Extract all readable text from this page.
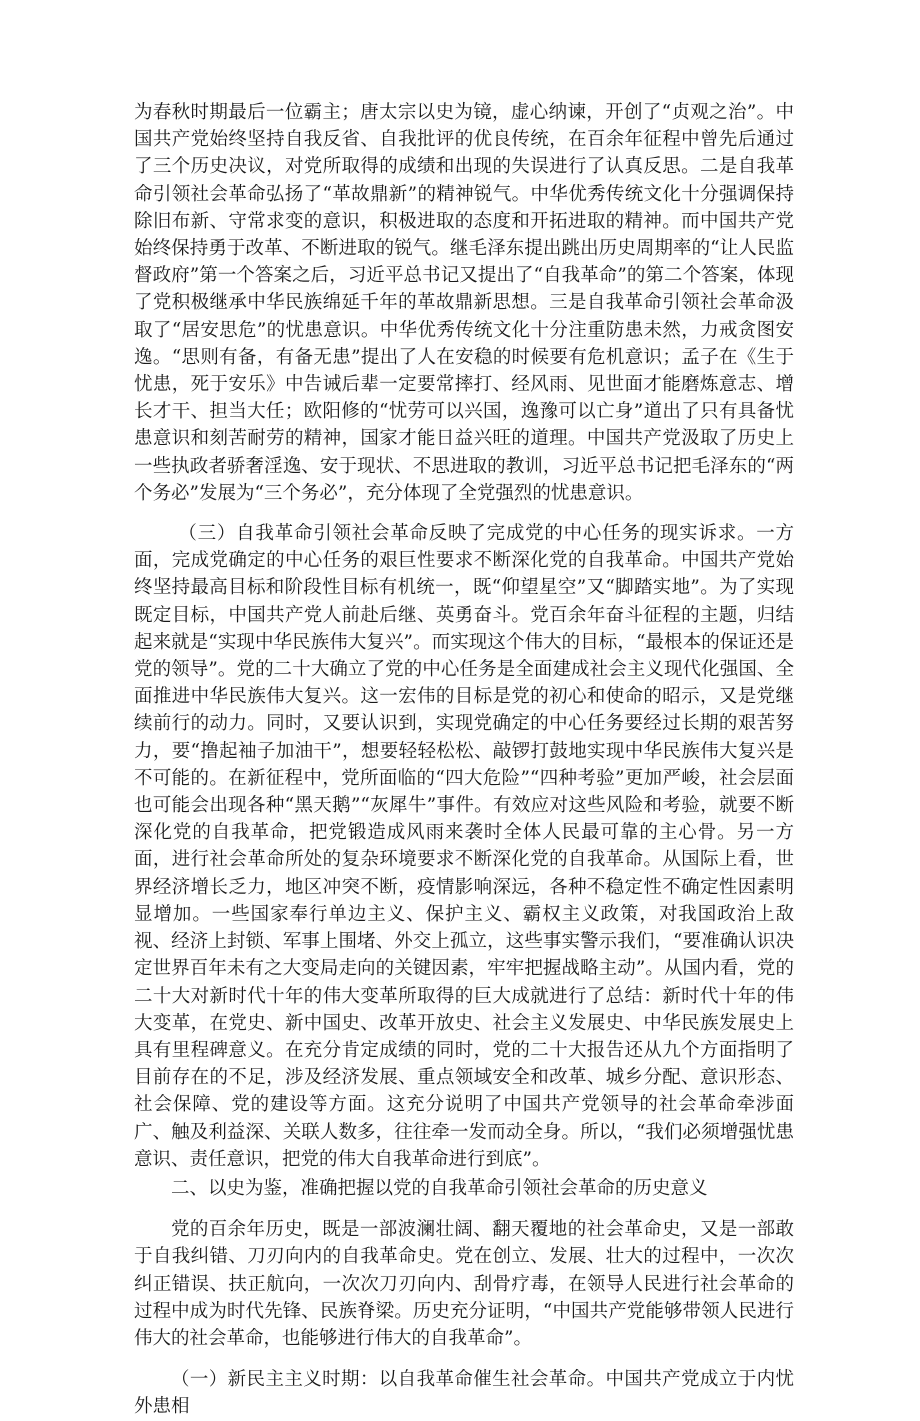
为春秋时期最后一位霸主；唐太宗以史为镜，虚心纳谏，开创了“贞观之治”。中国共产党始终坚持自我反省、自我批评的优良传统，在百余年征程中曾先后通过了三个历史决议，对党所取得的成绩和出现的失误进行了认真反思。二是自我革命引领社会革命弘扬了“革故鼎新”的精神锐气。中华优秀传统文化十分强调保持除旧布新、守常求变的意识，积极进取的态度和开拓进取的精神。而中国共产党始终保持勇于改革、不断进取的锐气。继毛泽东提出跳出历史周期率的“让人民监督政府”第一个答案之后，习近平总书记又提出了“自我革命”的第二个答案，体现了党积极继承中华民族绵延千年的革故鼎新思想。三是自我革命引领社会革命汲取了“居安思危”的忧患意识。中华优秀传统文化十分注重防患未然，力戒贪图安逸。“思则有备，有备无患”提出了人在安稳的时候要有危机意识；孟子在《生于忧患，死于安乐》中告诫后辈一定要常摔打、经风雨、见世面才能磨炼意志、增长才干、担当大任；欧阳修的“忧劳可以兴国，逸豫可以亡身”道出了只有具备忧患意识和刻苦耐劳的精神，国家才能日益兴旺的道理。中国共产党汲取了历史上一些执政者骄奢淫逸、安于现状、不思进取的教训，习近平总书记把毛泽东的“两个务必”发展为“三个务必”，充分体现了全党强烈的忧患意识。

（三）自我革命引领社会革命反映了完成党的中心任务的现实诉求。一方面，完成党确定的中心任务的艰巨性要求不断深化党的自我革命。中国共产党始终坚持最高目标和阶段性目标有机统一，既“仰望星空”又“脚踏实地”。为了实现既定目标，中国共产党人前赴后继、英勇奋斗。党百余年奋斗征程的主题，归结起来就是“实现中华民族伟大复兴”。而实现这个伟大的目标，“最根本的保证还是党的领导”。党的二十大确立了党的中心任务是全面建成社会主义现代化强国、全面推进中华民族伟大复兴。这一宏伟的目标是党的初心和使命的昭示，又是党继续前行的动力。同时，又要认识到，实现党确定的中心任务要经过长期的艰苦努力，要“撸起袖子加油干”，想要轻轻松松、敲锣打鼓地实现中华民族伟大复兴是不可能的。在新征程中，党所面临的“四大危险”“四种考验”更加严峻，社会层面也可能会出现各种“黑天鹅”“灰犀牛”事件。有效应对这些风险和考验，就要不断深化党的自我革命，把党锻造成风雨来袭时全体人民最可靠的主心骨。另一方面，进行社会革命所处的复杂环境要求不断深化党的自我革命。从国际上看，世界经济增长乏力，地区冲突不断，疫情影响深远，各种不稳定性不确定性因素明显增加。一些国家奉行单边主义、保护主义、霸权主义政策，对我国政治上敌视、经济上封锁、军事上围堵、外交上孤立，这些事实警示我们，“要准确认识决定世界百年未有之大变局走向的关键因素，牢牢把握战略主动”。从国内看，党的二十大对新时代十年的伟大变革所取得的巨大成就进行了总结：新时代十年的伟大变革，在党史、新中国史、改革开放史、社会主义发展史、中华民族发展史上具有里程碑意义。在充分肯定成绩的同时，党的二十大报告还从九个方面指明了目前存在的不足，涉及经济发展、重点领域安全和改革、城乡分配、意识形态、社会保障、党的建设等方面。这充分说明了中国共产党领导的社会革命牵涉面广、触及利益深、关联人数多，往往牵一发而动全身。所以，“我们必须增强忧患意识、责任意识，把党的伟大自我革命进行到底”。

二、以史为鉴，准确把握以党的自我革命引领社会革命的历史意义

党的百余年历史，既是一部波澜壮阔、翻天覆地的社会革命史，又是一部敢于自我纠错、刀刃向内的自我革命史。党在创立、发展、壮大的过程中，一次次纠正错误、扶正航向，一次次刀刃向内、刮骨疗毒，在领导人民进行社会革命的过程中成为时代先锋、民族脊梁。历史充分证明，“中国共产党能够带领人民进行伟大的社会革命，也能够进行伟大的自我革命”。

（一）新民主主义时期：以自我革命催生社会革命。中国共产党成立于内忧外患相
